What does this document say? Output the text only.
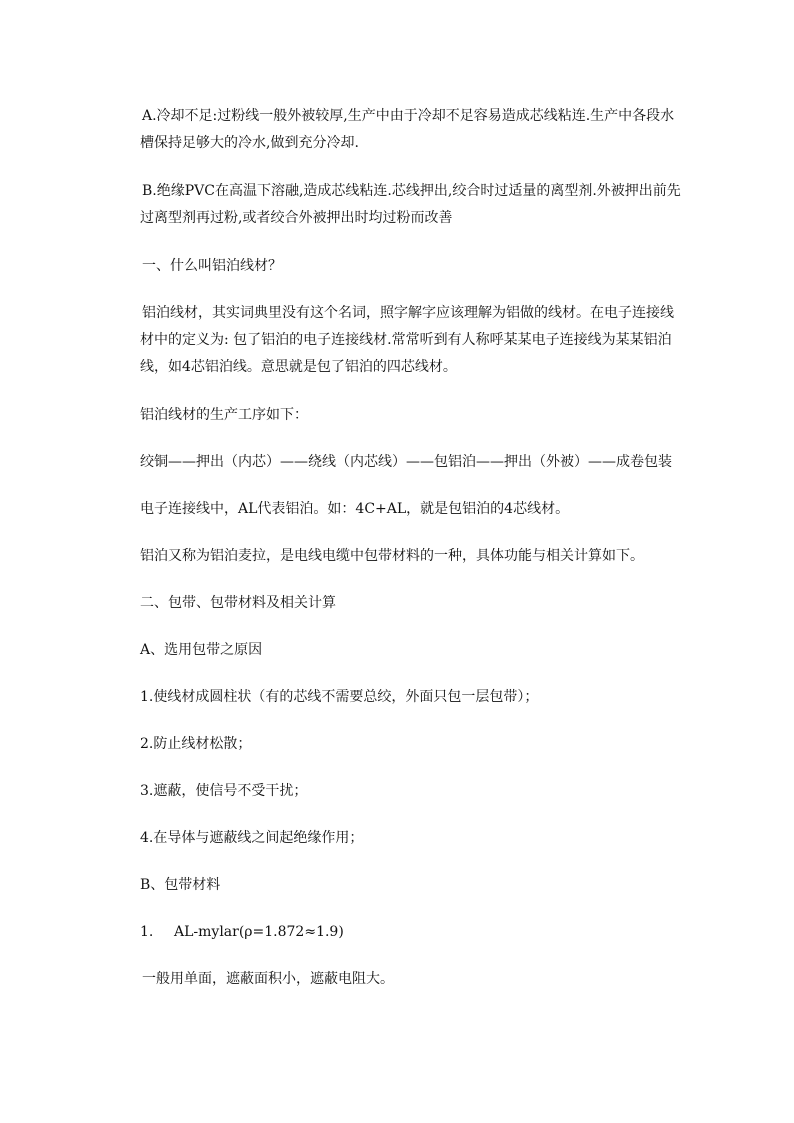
A.冷却不足:过粉线一般外被较厚,生产中由于冷却不足容易造成芯线粘连.生产中各段水槽保持足够大的冷水,做到充分冷却.

B.绝缘PVC在高温下溶融,造成芯线粘连.芯线押出,绞合时过适量的离型剂.外被押出前先过离型剂再过粉,或者绞合外被押出时均过粉而改善

一、什么叫铝泊线材？

铝泊线材，其实词典里没有这个名词，照字解字应该理解为铝做的线材。在电子连接线材中的定义为: 包了铝泊的电子连接线材.常常听到有人称呼某某电子连接线为某某铝泊线，如4芯铝泊线。意思就是包了铝泊的四芯线材。

铝泊线材的生产工序如下：

绞铜——押出（内芯）——绕线（内芯线）——包铝泊——押出（外被）——成卷包装

电子连接线中，AL代表铝泊。如：4C+AL，就是包铝泊的4芯线材。

铝泊又称为铝泊麦拉，是电线电缆中包带材料的一种，具体功能与相关计算如下。

二、包带、包带材料及相关计算

A、选用包带之原因

1.使线材成圆柱状（有的芯线不需要总绞，外面只包一层包带）；

2.防止线材松散；

3.遮蔽，使信号不受干扰；

4.在导体与遮蔽线之间起绝缘作用；

B、包带材料

1. AL-mylar(ρ=1.872≈1.9)

一般用单面，遮蔽面积小，遮蔽电阻大。
